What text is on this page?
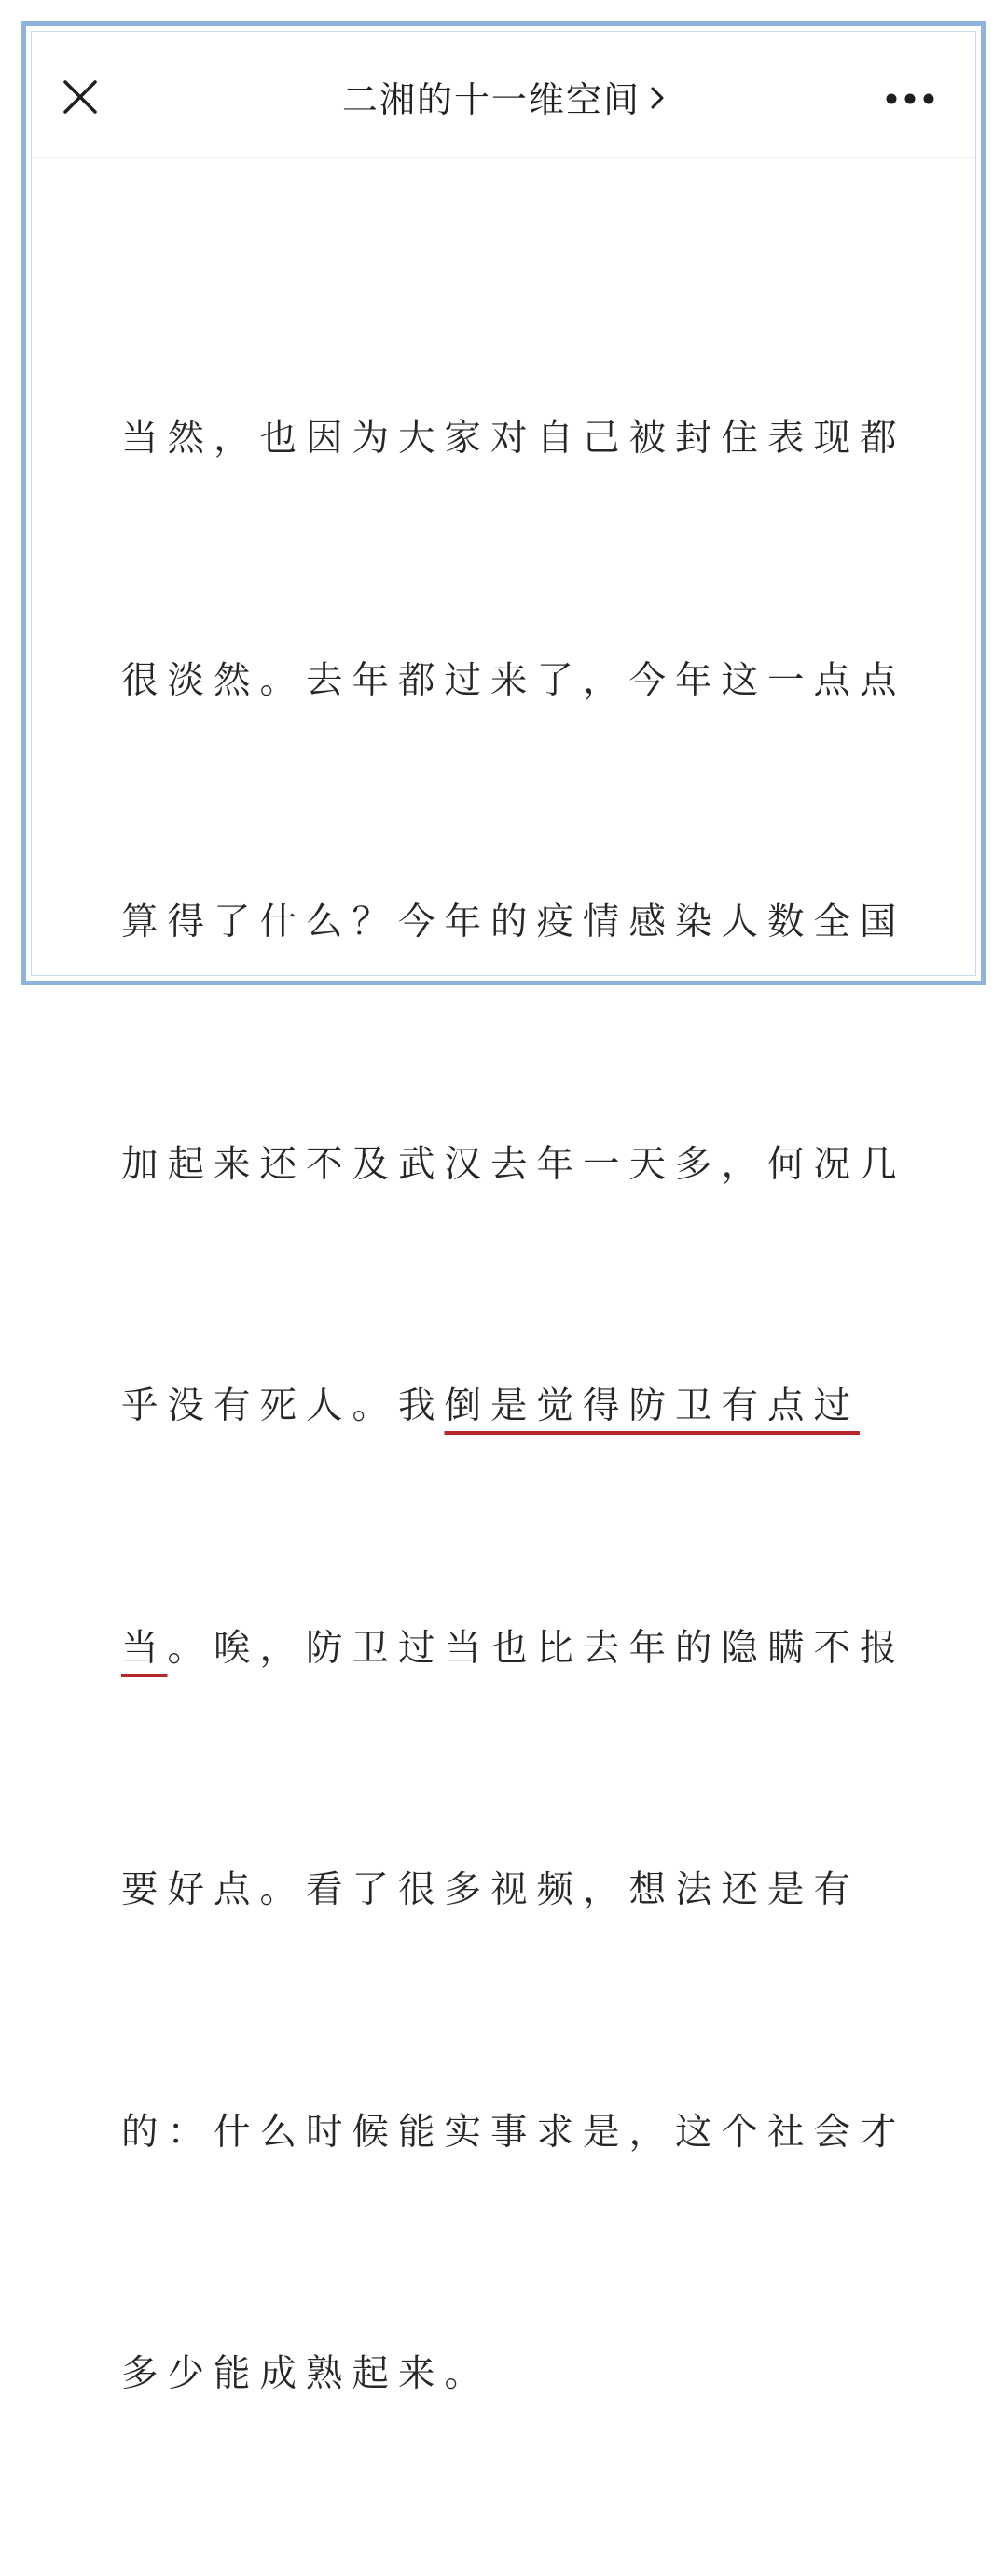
二湘的十一维空间

当然，也因为大家对自己被封住表现都

很淡然。去年都过来了，今年这一点点

算得了什么？今年的疫情感染人数全国

加起来还不及武汉去年一天多，何况几

乎没有死人。我倒是觉得防卫有点过

当。唉，防卫过当也比去年的隐瞒不报

要好点。看了很多视频，想法还是有

的：什么时候能实事求是，这个社会才

多少能成熟起来。
